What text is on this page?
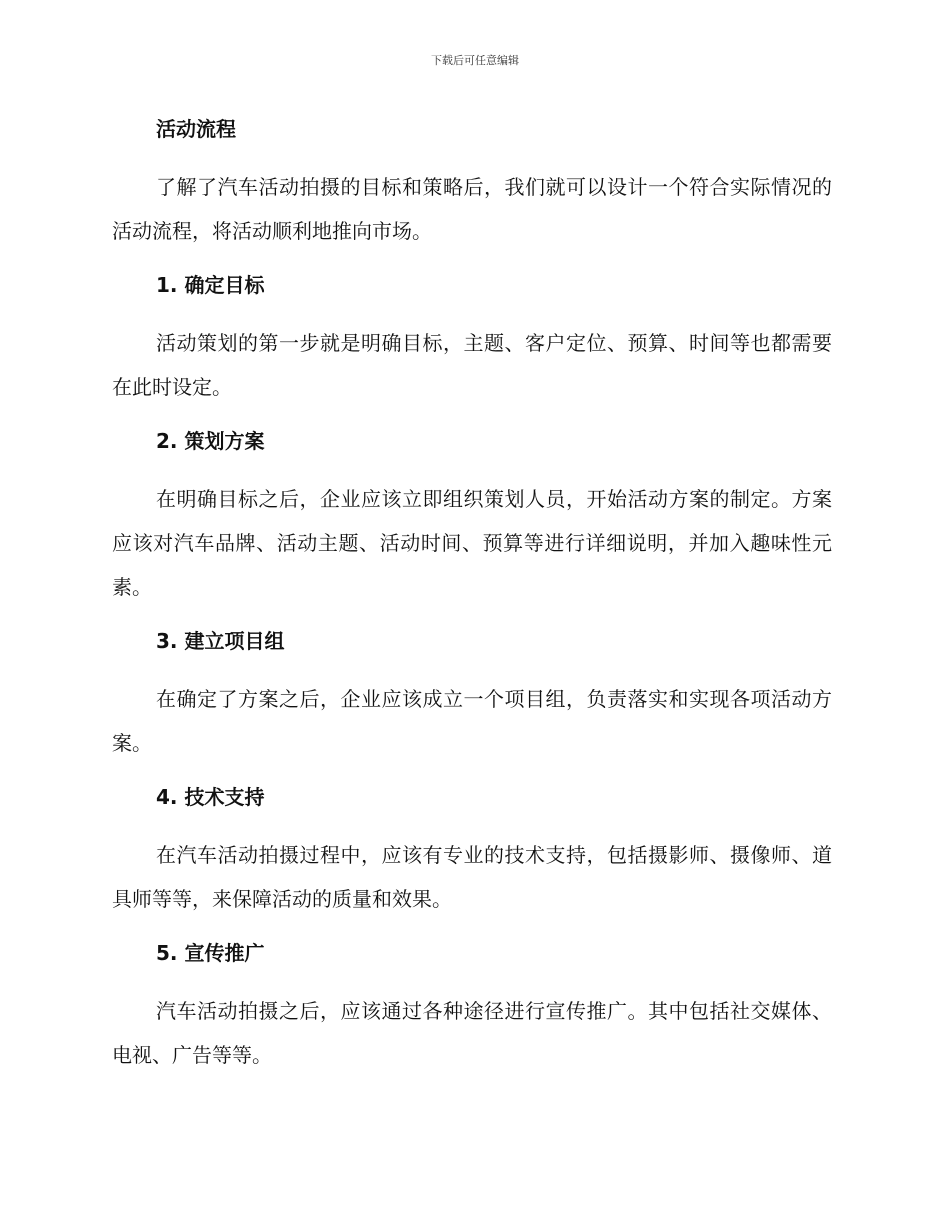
下载后可任意编辑
活动流程

了解了汽车活动拍摄的目标和策略后，我们就可以设计一个符合实际情况的活动流程，将活动顺利地推向市场。

1. 确定目标

活动策划的第一步就是明确目标，主题、客户定位、预算、时间等也都需要在此时设定。

2. 策划方案

在明确目标之后，企业应该立即组织策划人员，开始活动方案的制定。方案应该对汽车品牌、活动主题、活动时间、预算等进行详细说明，并加入趣味性元素。

3. 建立项目组

在确定了方案之后，企业应该成立一个项目组，负责落实和实现各项活动方案。

4. 技术支持

在汽车活动拍摄过程中，应该有专业的技术支持，包括摄影师、摄像师、道具师等等，来保障活动的质量和效果。

5. 宣传推广

汽车活动拍摄之后，应该通过各种途径进行宣传推广。其中包括社交媒体、电视、广告等等。
